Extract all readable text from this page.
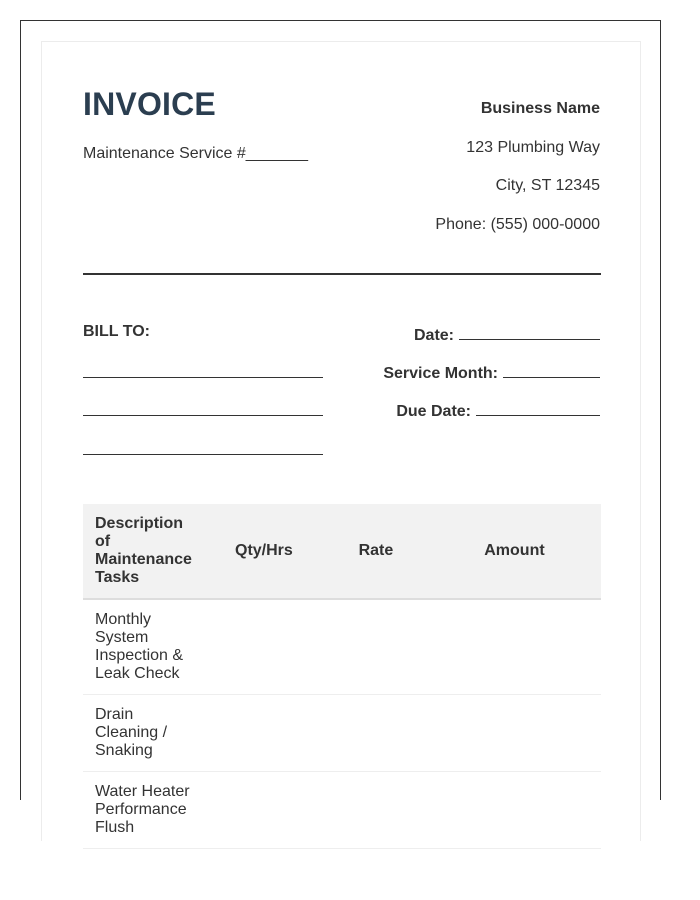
INVOICE
Maintenance Service #_______
Business Name
123 Plumbing Way
City, ST 12345
Phone: (555) 000-0000
BILL TO:	Date:
Service Month:
Due Date:
Description of Maintenance Tasks	Qty/Hrs	Rate	Amount
Monthly System Inspection & Leak Check			
Drain Cleaning / Snaking			
Water Heater Performance Flush			
